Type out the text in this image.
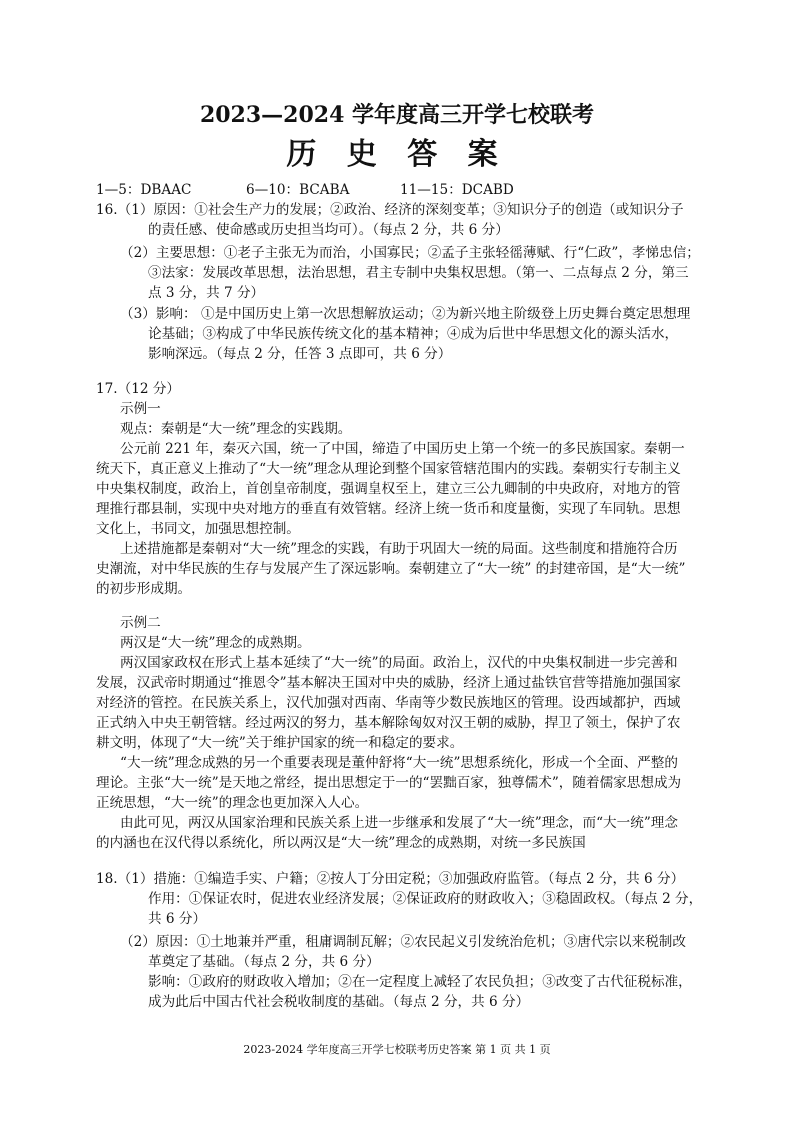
2023—2024 学年度高三开学七校联考
历 史 答 案
1—5：DBAAC	6—10：BCABA	11—15：DCABD
16.（1）原因：①社会生产力的发展；②政治、经济的深刻变革；③知识分子的创造（或知识分子
的责任感、使命感或历史担当均可）。（每点 2 分，共 6 分）
（2）主要思想：①老子主张无为而治，小国寡民；②孟子主张轻徭薄赋、行“仁政”，孝悌忠信；
③法家：发展改革思想，法治思想，君主专制中央集权思想。（第一、二点每点 2 分，第三
点 3 分，共 7 分）
（3）影响： ①是中国历史上第一次思想解放运动；②为新兴地主阶级登上历史舞台奠定思想理
论基础；③构成了中华民族传统文化的基本精神；④成为后世中华思想文化的源头活水，
影响深远。（每点 2 分，任答 3 点即可，共 6 分）
17.（12 分）
示例一
观点：秦朝是“大一统”理念的实践期。
公元前 221 年，秦灭六国，统一了中国，缔造了中国历史上第一个统一的多民族国家。秦朝一
统天下，真正意义上推动了“大一统”理念从理论到整个国家管辖范围内的实践。秦朝实行专制主义
中央集权制度，政治上，首创皇帝制度，强调皇权至上，建立三公九卿制的中央政府，对地方的管
理推行郡县制，实现中央对地方的垂直有效管辖。经济上统一货币和度量衡，实现了车同轨。思想
文化上，书同文，加强思想控制。
上述措施都是秦朝对“大一统”理念的实践，有助于巩固大一统的局面。这些制度和措施符合历
史潮流，对中华民族的生存与发展产生了深远影响。秦朝建立了“大一统” 的封建帝国，是“大一统”
的初步形成期。
示例二
两汉是“大一统”理念的成熟期。
两汉国家政权在形式上基本延续了“大一统”的局面。政治上，汉代的中央集权制进一步完善和
发展，汉武帝时期通过“推恩令”基本解决王国对中央的威胁，经济上通过盐铁官营等措施加强国家
对经济的管控。在民族关系上，汉代加强对西南、华南等少数民族地区的管理。设西域都护，西域
正式纳入中央王朝管辖。经过两汉的努力，基本解除匈奴对汉王朝的威胁，捍卫了领土，保护了农
耕文明，体现了“大一统”关于维护国家的统一和稳定的要求。
“大一统”理念成熟的另一个重要表现是董仲舒将“大一统”思想系统化，形成一个全面、严整的
理论。主张“大一统”是天地之常经，提出思想定于一的“罢黜百家，独尊儒术”，随着儒家思想成为
正统思想，“大一统”的理念也更加深入人心。
由此可见，两汉从国家治理和民族关系上进一步继承和发展了“大一统”理念，而“大一统”理念
的内涵也在汉代得以系统化，所以两汉是“大一统”理念的成熟期，对统一多民族国
18.（1）措施：①编造手实、户籍；②按人丁分田定税；③加强政府监管。（每点 2 分，共 6 分）
作用：①保证农时，促进农业经济发展；②保证政府的财政收入；③稳固政权。（每点 2 分，
共 6 分）
（2）原因：①土地兼并严重，租庸调制瓦解；②农民起义引发统治危机；③唐代宗以来税制改
革奠定了基础。（每点 2 分，共 6 分）
影响：①政府的财政收入增加；②在一定程度上减轻了农民负担；③改变了古代征税标准，
成为此后中国古代社会税收制度的基础。（每点 2 分，共 6 分）
2023-2024 学年度高三开学七校联考历史答案 第 1 页 共 1 页
